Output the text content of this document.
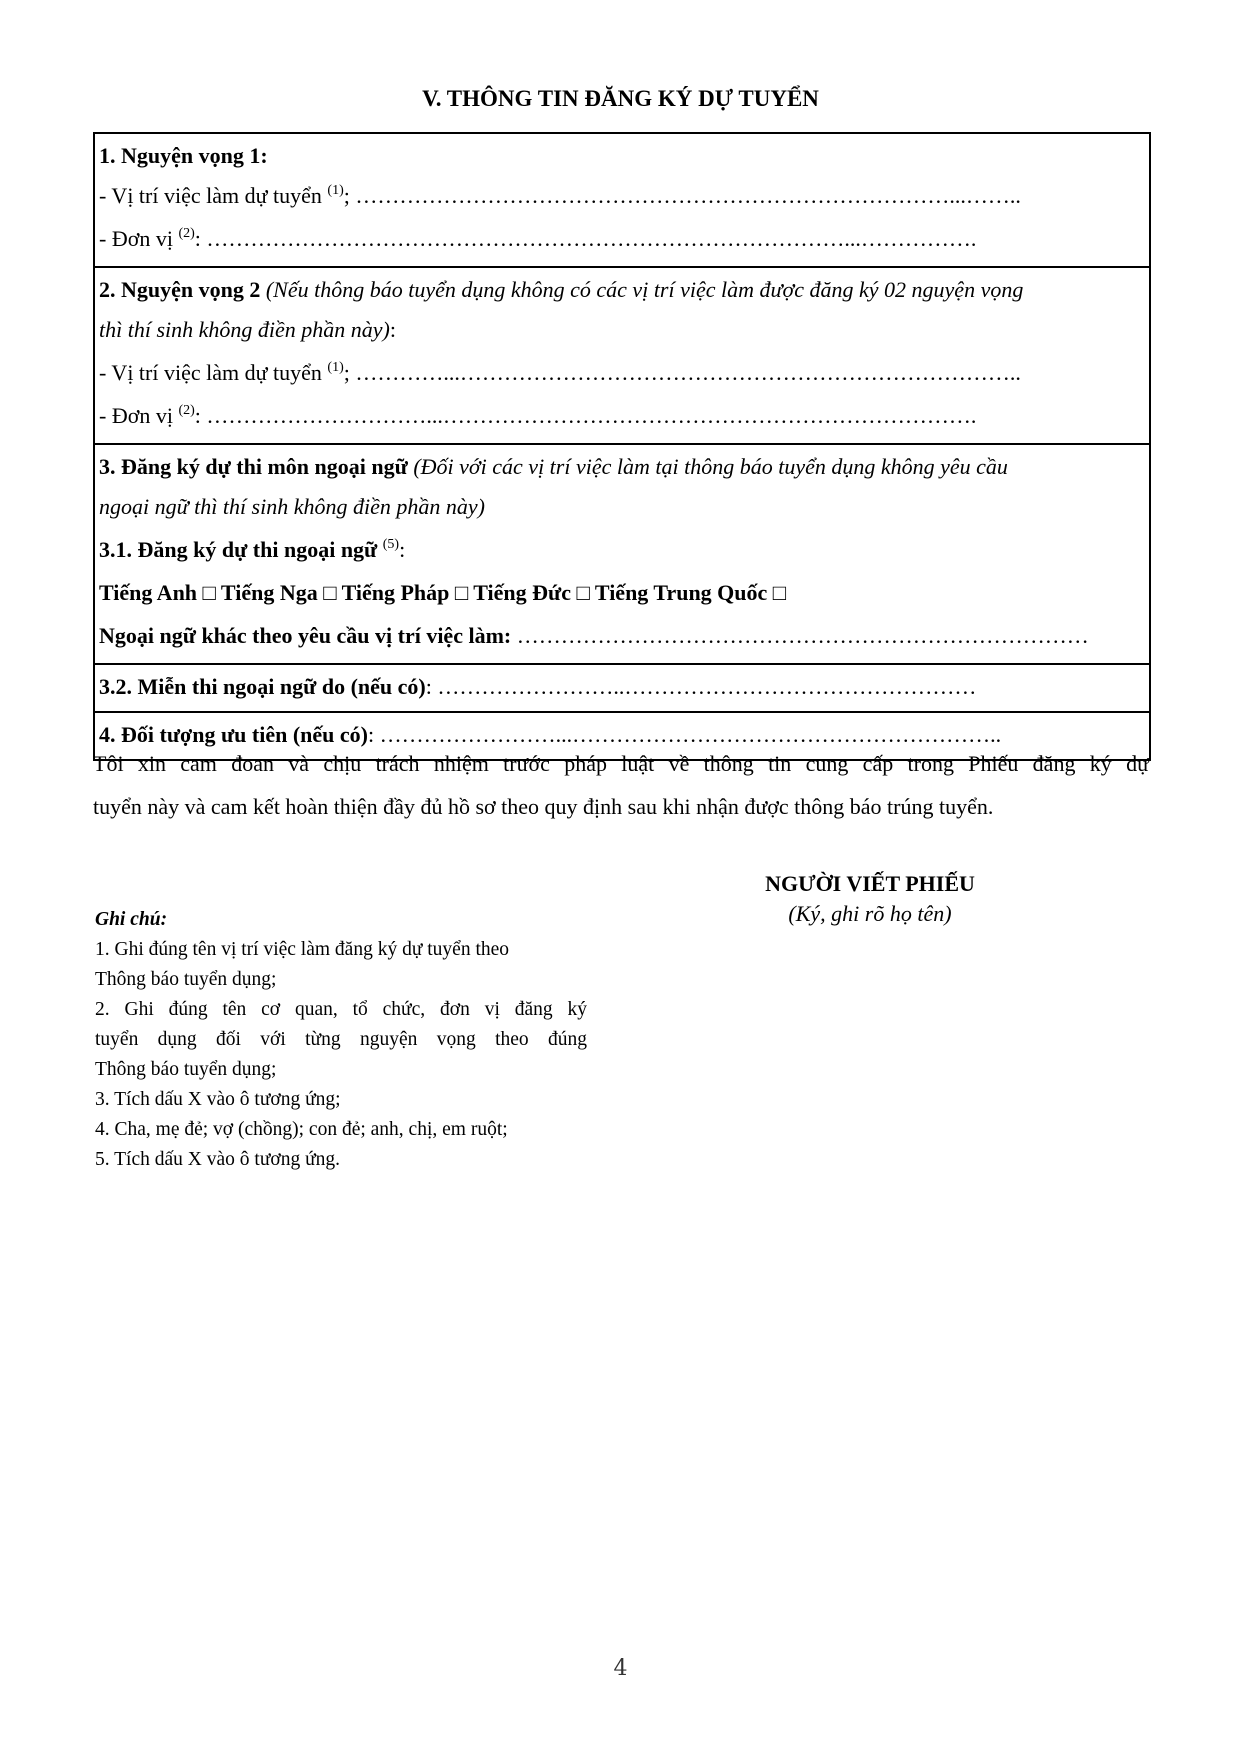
V. THÔNG TIN ĐĂNG KÝ DỰ TUYỂN
1. Nguyện vọng 1:
- Vị trí việc làm dự tuyển $^{(1)}$; ………………………………………………………………………...……..
- Đơn vị $^{(2)}$: ……………………………………………………………………………...…………….

2. Nguyện vọng 2 (Nếu thông báo tuyển dụng không có các vị trí việc làm được đăng ký 02 nguyện vọng
thì thí sinh không điền phần này):
- Vị trí việc làm dự tuyển $^{(1)}$; …………...…………………………………………………………………..
- Đơn vị $^{(2)}$: …………………………...……………………………………………………………….

3. Đăng ký dự thi môn ngoại ngữ (Đối với các vị trí việc làm tại thông báo tuyển dụng không yêu cầu
ngoại ngữ thì thí sinh không điền phần này)
3.1. Đăng ký dự thi ngoại ngữ $^{(5)}$:
Tiếng Anh □ Tiếng Nga □ Tiếng Pháp □ Tiếng Đức □ Tiếng Trung Quốc □
Ngoại ngữ khác theo yêu cầu vị trí việc làm: ……………………………………………………………………

3.2. Miễn thi ngoại ngữ do (nếu có): ……………………..…………………………………………

4. Đối tượng ưu tiên (nếu có): ……………………...…………………………………………………..
Tôi xin cam đoan và chịu trách nhiệm trước pháp luật về thông tin cung cấp trong Phiếu đăng ký dự
tuyển này và cam kết hoàn thiện đầy đủ hồ sơ theo quy định sau khi nhận được thông báo trúng tuyển.
NGƯỜI VIẾT PHIẾU
(Ký, ghi rõ họ tên)
Ghi chú:
1. Ghi đúng tên vị trí việc làm đăng ký dự tuyển theo
Thông báo tuyển dụng;
2. Ghi đúng tên cơ quan, tổ chức, đơn vị đăng ký
tuyển dụng đối với từng nguyện vọng theo đúng
Thông báo tuyển dụng;
3. Tích dấu X vào ô tương ứng;
4. Cha, mẹ đẻ; vợ (chồng); con đẻ; anh, chị, em ruột;
5. Tích dấu X vào ô tương ứng.
4
